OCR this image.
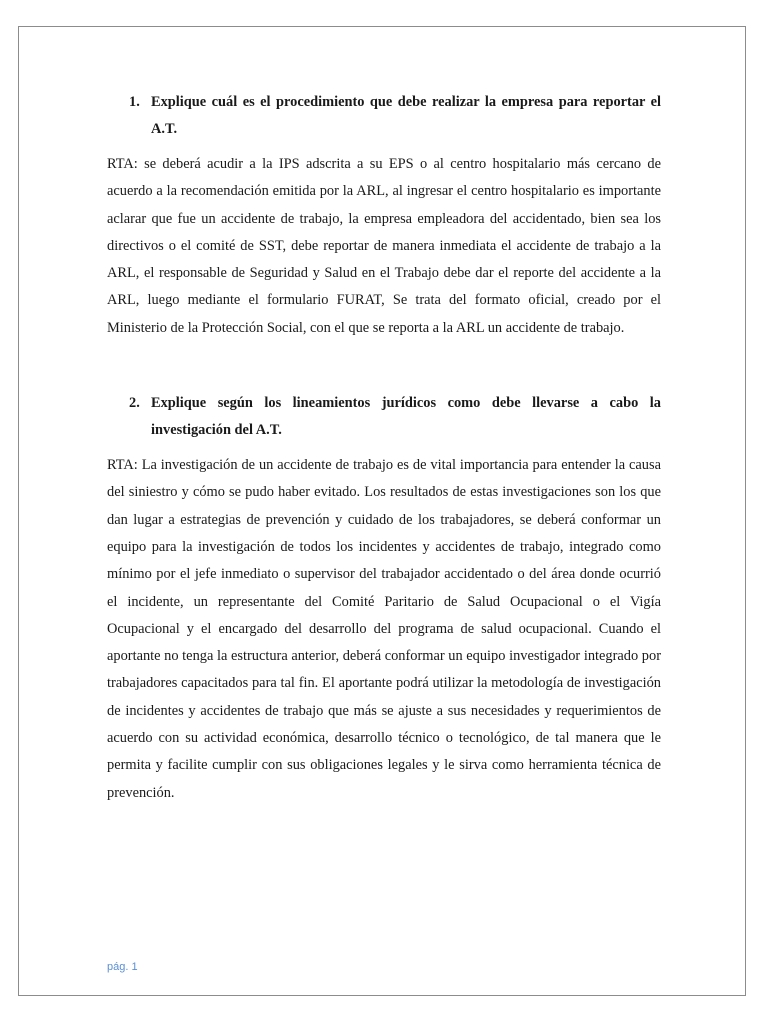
1. Explique cuál es el procedimiento que debe realizar la empresa para reportar el A.T.

RTA: se deberá acudir a la IPS adscrita a su EPS o al centro hospitalario más cercano de acuerdo a la recomendación emitida por la ARL, al ingresar el centro hospitalario es importante aclarar que fue un accidente de trabajo, la empresa empleadora del accidentado, bien sea los directivos o el comité de SST, debe reportar de manera inmediata el accidente de trabajo a la ARL, el responsable de Seguridad y Salud en el Trabajo debe dar el reporte del accidente a la ARL, luego mediante el formulario FURAT, Se trata del formato oficial, creado por el Ministerio de la Protección Social, con el que se reporta a la ARL un accidente de trabajo.

2. Explique según los lineamientos jurídicos como debe llevarse a cabo la investigación del A.T.

RTA: La investigación de un accidente de trabajo es de vital importancia para entender la causa del siniestro y cómo se pudo haber evitado. Los resultados de estas investigaciones son los que dan lugar a estrategias de prevención y cuidado de los trabajadores, se deberá conformar un equipo para la investigación de todos los incidentes y accidentes de trabajo, integrado como mínimo por el jefe inmediato o supervisor del trabajador accidentado o del área donde ocurrió el incidente, un representante del Comité Paritario de Salud Ocupacional o el Vigía Ocupacional y el encargado del desarrollo del programa de salud ocupacional. Cuando el aportante no tenga la estructura anterior, deberá conformar un equipo investigador integrado por trabajadores capacitados para tal fin. El aportante podrá utilizar la metodología de investigación de incidentes y accidentes de trabajo que más se ajuste a sus necesidades y requerimientos de acuerdo con su actividad económica, desarrollo técnico o tecnológico, de tal manera que le permita y facilite cumplir con sus obligaciones legales y le sirva como herramienta técnica de prevención.

pág. 1
